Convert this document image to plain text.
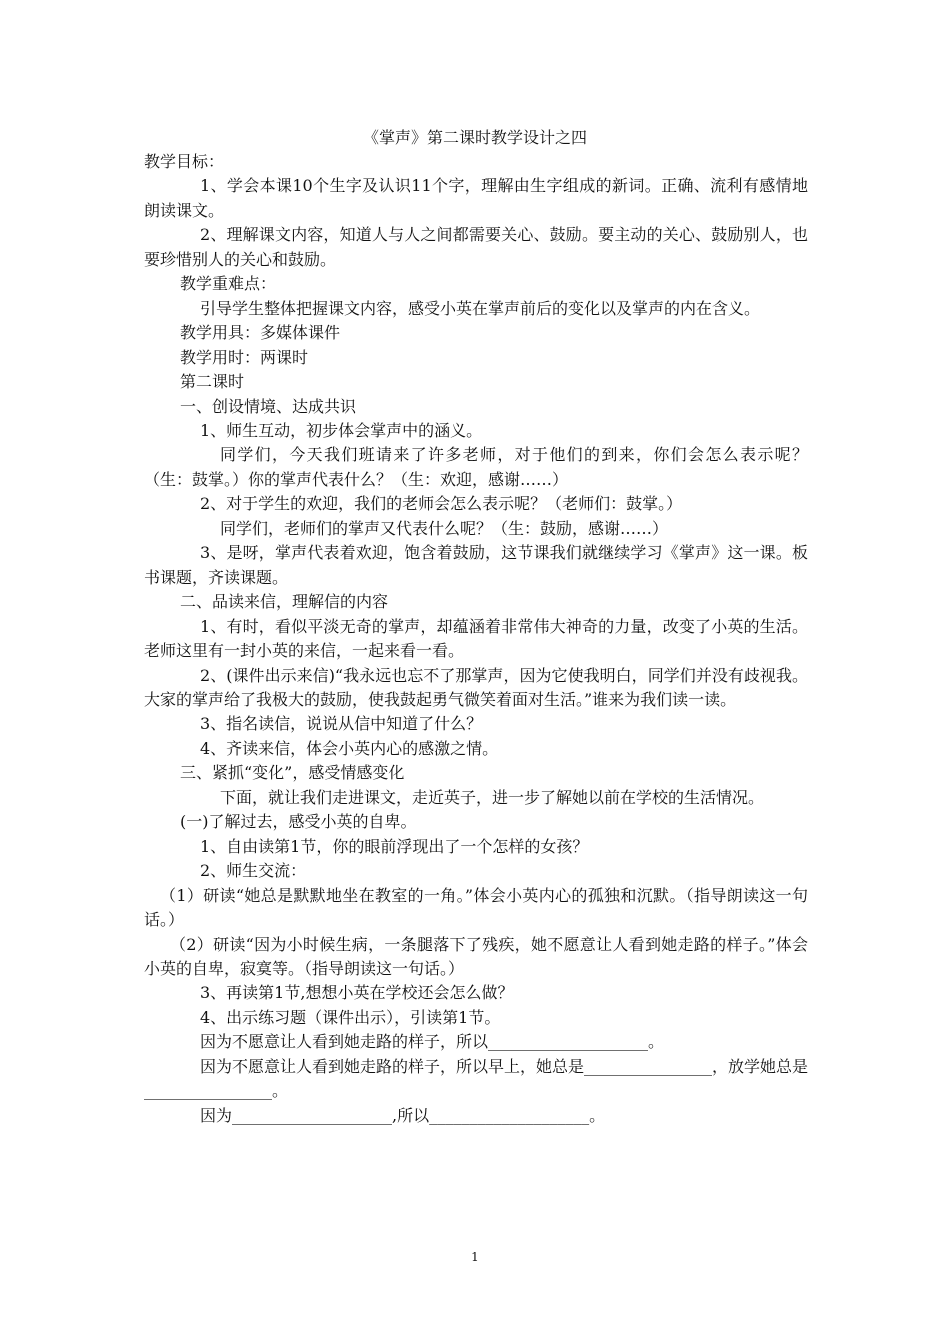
《掌声》第二课时教学设计之四

教学目标：

1、学会本课10个生字及认识11个字，理解由生字组成的新词。正确、流利有感情地朗读课文。

2、理解课文内容，知道人与人之间都需要关心、鼓励。要主动的关心、鼓励别人，也要珍惜别人的关心和鼓励。

教学重难点：

引导学生整体把握课文内容，感受小英在掌声前后的变化以及掌声的内在含义。

教学用具：多媒体课件

教学用时：两课时

第二课时

一、创设情境、达成共识

1、师生互动，初步体会掌声中的涵义。

同学们，今天我们班请来了许多老师，对于他们的到来，你们会怎么表示呢？（生：鼓掌。）你的掌声代表什么？（生：欢迎，感谢……）

2、对于学生的欢迎，我们的老师会怎么表示呢？（老师们：鼓掌。）

同学们，老师们的掌声又代表什么呢？（生：鼓励，感谢……）

3、是呀，掌声代表着欢迎，饱含着鼓励，这节课我们就继续学习《掌声》这一课。板书课题，齐读课题。

二、品读来信，理解信的内容

1、有时，看似平淡无奇的掌声，却蕴涵着非常伟大神奇的力量，改变了小英的生活。老师这里有一封小英的来信，一起来看一看。

2、(课件出示来信)“我永远也忘不了那掌声，因为它使我明白，同学们并没有歧视我。大家的掌声给了我极大的鼓励，使我鼓起勇气微笑着面对生活。”谁来为我们读一读。

3、指名读信，说说从信中知道了什么？

4、齐读来信，体会小英内心的感激之情。

三、紧抓“变化”，感受情感变化

下面，就让我们走进课文，走近英子，进一步了解她以前在学校的生活情况。

(一)了解过去，感受小英的自卑。

1、自由读第1节，你的眼前浮现出了一个怎样的女孩？

2、师生交流：

（1）研读“她总是默默地坐在教室的一角。”体会小英内心的孤独和沉默。（指导朗读这一句话。）

（2）研读“因为小时候生病，一条腿落下了残疾，她不愿意让人看到她走路的样子。”体会小英的自卑，寂寞等。（指导朗读这一句话。）

3、再读第1节,想想小英在学校还会怎么做？

4、出示练习题（课件出示），引读第1节。

因为不愿意让人看到她走路的样子，所以____________________。

因为不愿意让人看到她走路的样子，所以早上，她总是________________，放学她总是________________。

因为____________________,所以____________________。

1
